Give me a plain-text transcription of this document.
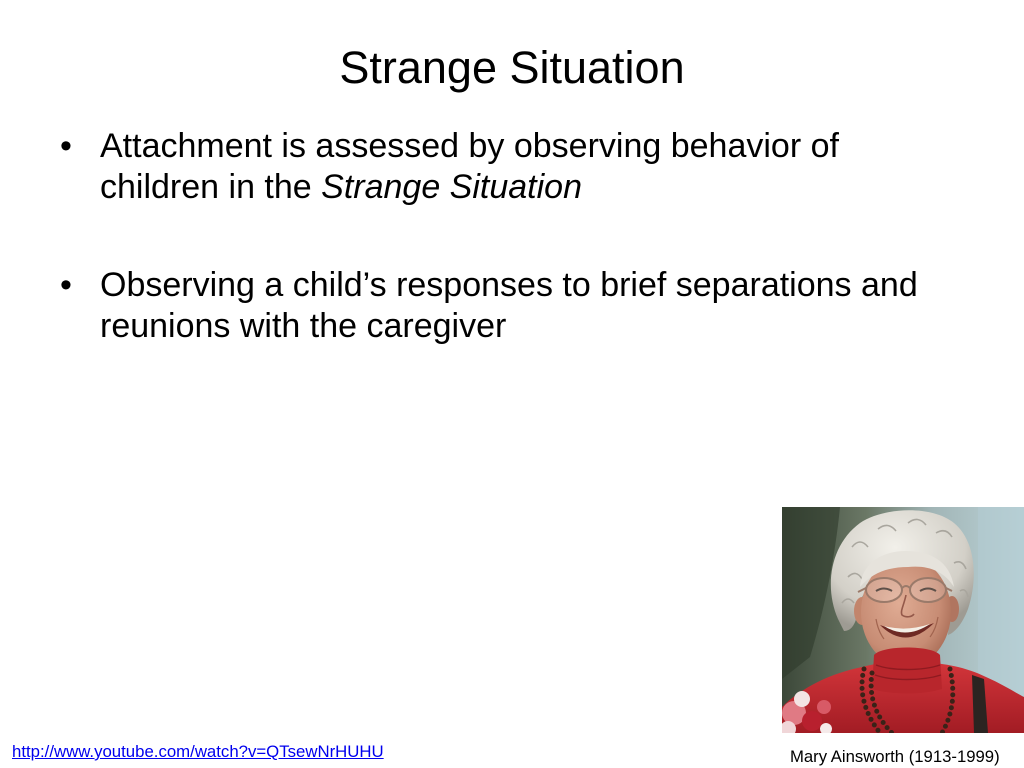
Strange Situation
• Attachment is assessed by observing behavior of children in the Strange Situation
• Observing a child’s responses to brief separations and reunions with the caregiver
Mary Ainsworth (1913-1999)
http://www.youtube.com/watch?v=QTsewNrHUHU
